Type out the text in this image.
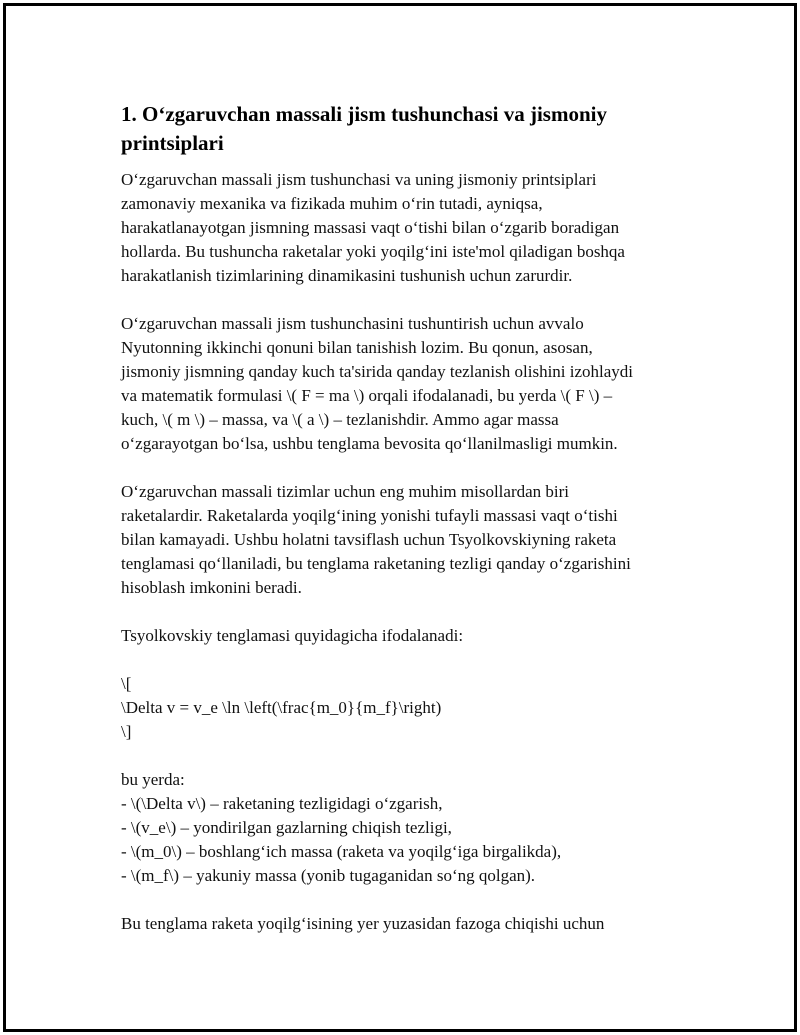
1. O‘zgaruvchan massali jism tushunchasi va jismoniy printsiplari
O‘zgaruvchan massali jism tushunchasi va uning jismoniy printsiplari
zamonaviy mexanika va fizikada muhim o‘rin tutadi, ayniqsa,
harakatlanayotgan jismning massasi vaqt o‘tishi bilan o‘zgarib boradigan
hollarda. Bu tushuncha raketalar yoki yoqilg‘ini iste'mol qiladigan boshqa
harakatlanish tizimlarining dinamikasini tushunish uchun zarurdir.
O‘zgaruvchan massali jism tushunchasini tushuntirish uchun avvalo
Nyutonning ikkinchi qonuni bilan tanishish lozim. Bu qonun, asosan,
jismoniy jismning qanday kuch ta'sirida qanday tezlanish olishini izohlaydi
va matematik formulasi \( F = ma \) orqali ifodalanadi, bu yerda \( F \) –
kuch, \( m \) – massa, va \( a \) – tezlanishdir. Ammo agar massa
o‘zgarayotgan bo‘lsa, ushbu tenglama bevosita qo‘llanilmasligi mumkin.
O‘zgaruvchan massali tizimlar uchun eng muhim misollardan biri
raketalardir. Raketalarda yoqilg‘ining yonishi tufayli massasi vaqt o‘tishi
bilan kamayadi. Ushbu holatni tavsiflash uchun Tsyolkovskiyning raketa
tenglamasi qo‘llaniladi, bu tenglama raketaning tezligi qanday o‘zgarishini
hisoblash imkonini beradi.
Tsyolkovskiy tenglamasi quyidagicha ifodalanadi:
\[
\Delta v = v_e \ln \left(\frac{m_0}{m_f}\right)
\]
bu yerda:
- \(\Delta v\) – raketaning tezligidagi o‘zgarish,
- \(v_e\) – yondirilgan gazlarning chiqish tezligi,
- \(m_0\) – boshlang‘ich massa (raketa va yoqilg‘iga birgalikda),
- \(m_f\) – yakuniy massa (yonib tugaganidan so‘ng qolgan).
Bu tenglama raketa yoqilg‘isining yer yuzasidan fazoga chiqishi uchun
